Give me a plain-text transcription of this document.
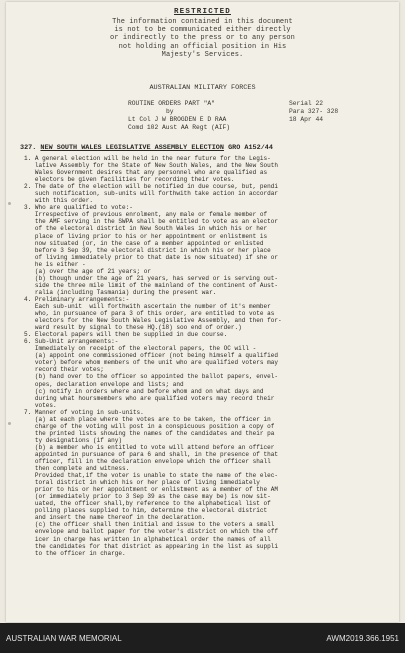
RESTRICTED
The information contained in this document
is not to be communicated either directly
or indirectly to the press or to any person
not holding an official position in His
Majesty's Services.
AUSTRALIAN MILITARY FORCES
ROUTINE ORDERS PART "A"
by
Lt Col J W BROGDEN E D RAA
Comd 102 Aust AA Regt (AIF)
Serial 22
Para 327- 328
18 Apr 44
327. NEW SOUTH WALES LEGISLATIVE ASSEMBLY ELECTION GRO A152/44
1. A general election will be held in the near future for the Legis-
lative Assembly for the State of New South Wales, and the New South
Wales Government desires that any personnel who are qualified as
electors be given facilities for recording their votes.
2. The date of the election will be notified in due course, but, pendi
such notification, sub-units will forthwith take action in accordar
with this order.
3. Who are qualified to vote:-
Irrespective of previous enrolment, any male or female member of
the AMF serving in the SWPA shall be entitled to vote as an elector
of the electoral district in New South Wales in which his or her
place of living prior to his or her appointment or enlistment is
now situated (or, in the case of a member appointed or enlisted
before 3 Sep 39, the electoral district in which his or her place
of living immediately prior to that date is now situated) if she or
he is either -
(a) over the age of 21 years; or
(b) though under the age of 21 years, has served or is serving out-
side the three mile limit of the mainland of the continent of Aust-
ralia (including Tasmania) during the present war.
4. Preliminary arrangements:-
Each sub-unit  will forthwith ascertain the number of it's member
who, in pursuance of para 3 of this order, are entitled to vote as
electors for the New South Wales Legislative Assembly, and then for-
ward result by signal to these HQ.(18) soo end of order.)
5. Electoral papers will then be supplied in due course.
6. Sub-Unit arrangements:-
Immediately on receipt of the electoral papers, the OC will -
(a) appoint one commissioned officer (not being himself a qualified
voter) before whom members of the unit who are qualified voters may
record their votes;
(b) hand over to the officer so appointed the ballot papers, envel-
opes, declaration envelope and lists; and
(c) notify in orders where and before whom and on what days and
during what hoursmembers who are qualified voters may record their
votes.
7. Manner of voting in sub-units.
(a) at each place where the votes are to be taken, the officer in
charge of the voting will post in a conspicuous position a copy of
the printed lists showing the names of the candidates and their pa
ty designations (if any)
(b) a member who is entitled to vote will attend before an officer
appointed in pursuance of para 6 and shall, in the presence of that
officer, fill in the declaration envelope which the officer shall
then complete and witness.
Provided that,if the voter is unable to state the name of the elec-
toral district in which his or her place of living immediately
prior to his or her appointment or enlistment as a member of the AM
(or immediately prior to 3 Sep 39 as the case may be) is now sit-
uated, the officer shall,by reference to the alphabetical list of
polling places supplied to him, determine the electoral district
and insert the name thereof in the declaration.
(c) the officer shall then initial and issue to the voters a small
envelope and ballot paper for the voter's district on which the off
icer in charge has written in alphabetical order the names of all
the candidates for that district as appearing in the list as suppli
to the officer in charge.
AUSTRALIAN WAR MEMORIAL	AWM2019.366.1951
